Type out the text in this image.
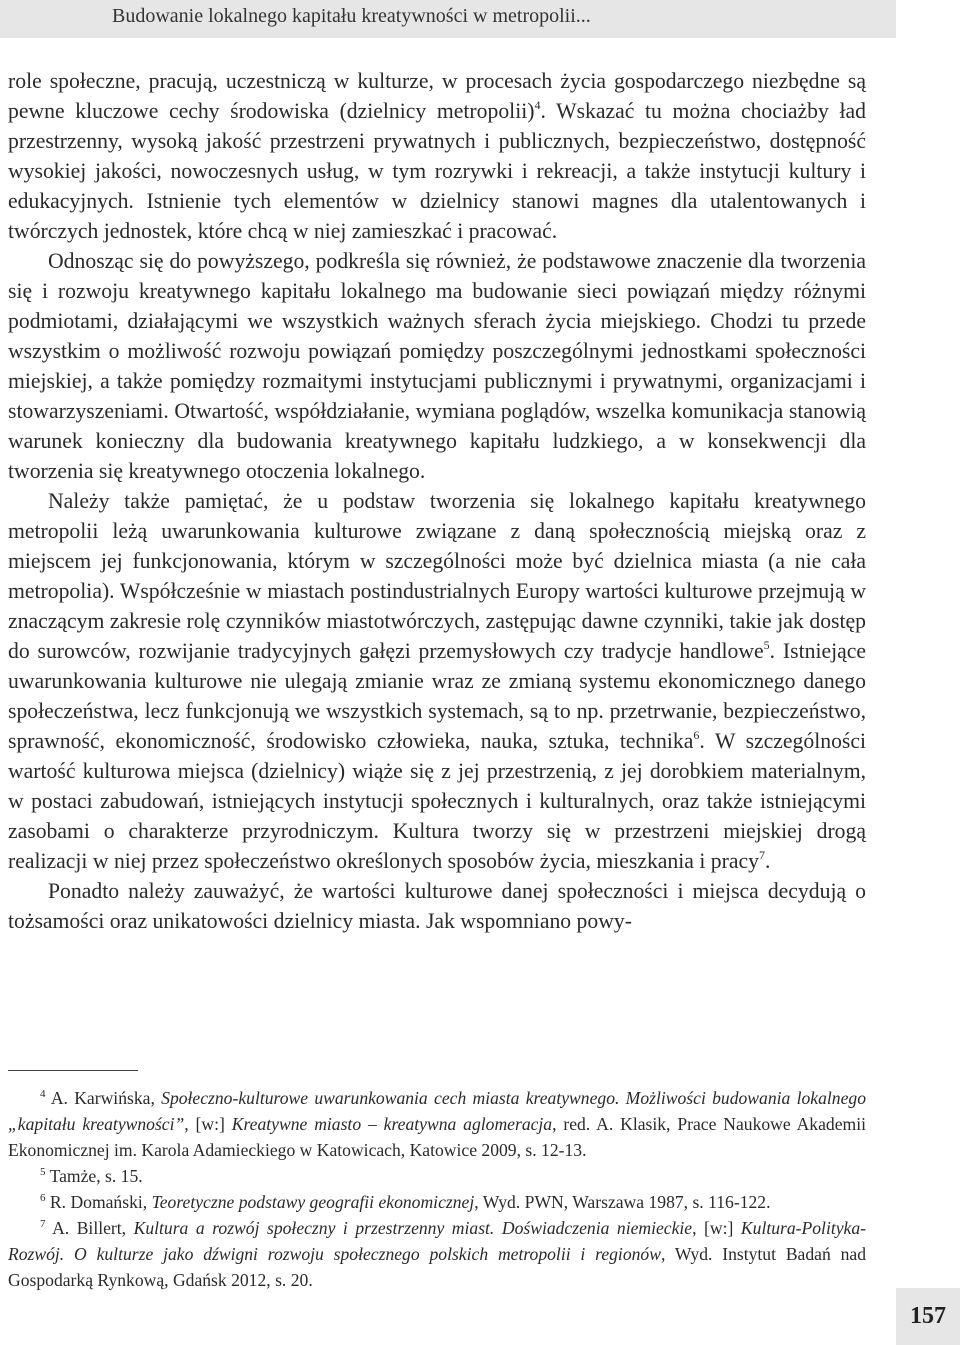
Budowanie lokalnego kapitału kreatywności w metropolii...

role społeczne, pracują, uczestniczą w kulturze, w procesach życia gospodarczego niezbędne są pewne kluczowe cechy środowiska (dzielnicy metropolii)$^4$. Wskazać tu można chociażby ład przestrzenny, wysoką jakość przestrzeni prywatnych i publicznych, bezpieczeństwo, dostępność wysokiej jakości, nowoczesnych usług, w tym rozrywki i rekreacji, a także instytucji kultury i edukacyjnych. Istnienie tych elementów w dzielnicy stanowi magnes dla utalentowanych i twórczych jednostek, które chcą w niej zamieszkać i pracować.

Odnosząc się do powyższego, podkreśla się również, że podstawowe znaczenie dla tworzenia się i rozwoju kreatywnego kapitału lokalnego ma budowanie sieci powiązań między różnymi podmiotami, działającymi we wszystkich ważnych sferach życia miejskiego. Chodzi tu przede wszystkim o możliwość rozwoju powiązań pomiędzy poszczególnymi jednostkami społeczności miejskiej, a także pomiędzy rozmaitymi instytucjami publicznymi i prywatnymi, organizacjami i stowarzyszeniami. Otwartość, współdziałanie, wymiana poglądów, wszelka komunikacja stanowią warunek konieczny dla budowania kreatywnego kapitału ludzkiego, a w konsekwencji dla tworzenia się kreatywnego otoczenia lokalnego.

Należy także pamiętać, że u podstaw tworzenia się lokalnego kapitału kreatywnego metropolii leżą uwarunkowania kulturowe związane z daną społecznością miejską oraz z miejscem jej funkcjonowania, którym w szczególności może być dzielnica miasta (a nie cała metropolia). Współcześnie w miastach postindustrialnych Europy wartości kulturowe przejmują w znaczącym zakresie rolę czynników miastotwórczych, zastępując dawne czynniki, takie jak dostęp do surowców, rozwijanie tradycyjnych gałęzi przemysłowych czy tradycje handlowe$^5$. Istniejące uwarunkowania kulturowe nie ulegają zmianie wraz ze zmianą systemu ekonomicznego danego społeczeństwa, lecz funkcjonują we wszystkich systemach, są to np. przetrwanie, bezpieczeństwo, sprawność, ekonomiczność, środowisko człowieka, nauka, sztuka, technika$^6$. W szczególności wartość kulturowa miejsca (dzielnicy) wiąże się z jej przestrzenią, z jej dorobkiem materialnym, w postaci zabudowań, istniejących instytucji społecznych i kulturalnych, oraz także istniejącymi zasobami o charakterze przyrodniczym. Kultura tworzy się w przestrzeni miejskiej drogą realizacji w niej przez społeczeństwo określonych sposobów życia, mieszkania i pracy$^7$.

Ponadto należy zauważyć, że wartości kulturowe danej społeczności i miejsca decydują o tożsamości oraz unikatowości dzielnicy miasta. Jak wspomniano powy-

$^4$ A. Karwińska, Społeczno-kulturowe uwarunkowania cech miasta kreatywnego. Możliwości budowania lokalnego „kapitału kreatywności”, [w:] Kreatywne miasto – kreatywna aglomeracja, red. A. Klasik, Prace Naukowe Akademii Ekonomicznej im. Karola Adamieckiego w Katowicach, Katowice 2009, s. 12-13.

$^5$ Tamże, s. 15.

$^6$ R. Domański, Teoretyczne podstawy geografii ekonomicznej, Wyd. PWN, Warszawa 1987, s. 116-122.

$^7$ A. Billert, Kultura a rozwój społeczny i przestrzenny miast. Doświadczenia niemieckie, [w:] Kultura-Polityka-Rozwój. O kulturze jako dźwigni rozwoju społecznego polskich metropolii i regionów, Wyd. Instytut Badań nad Gospodarką Rynkową, Gdańsk 2012, s. 20.

157
